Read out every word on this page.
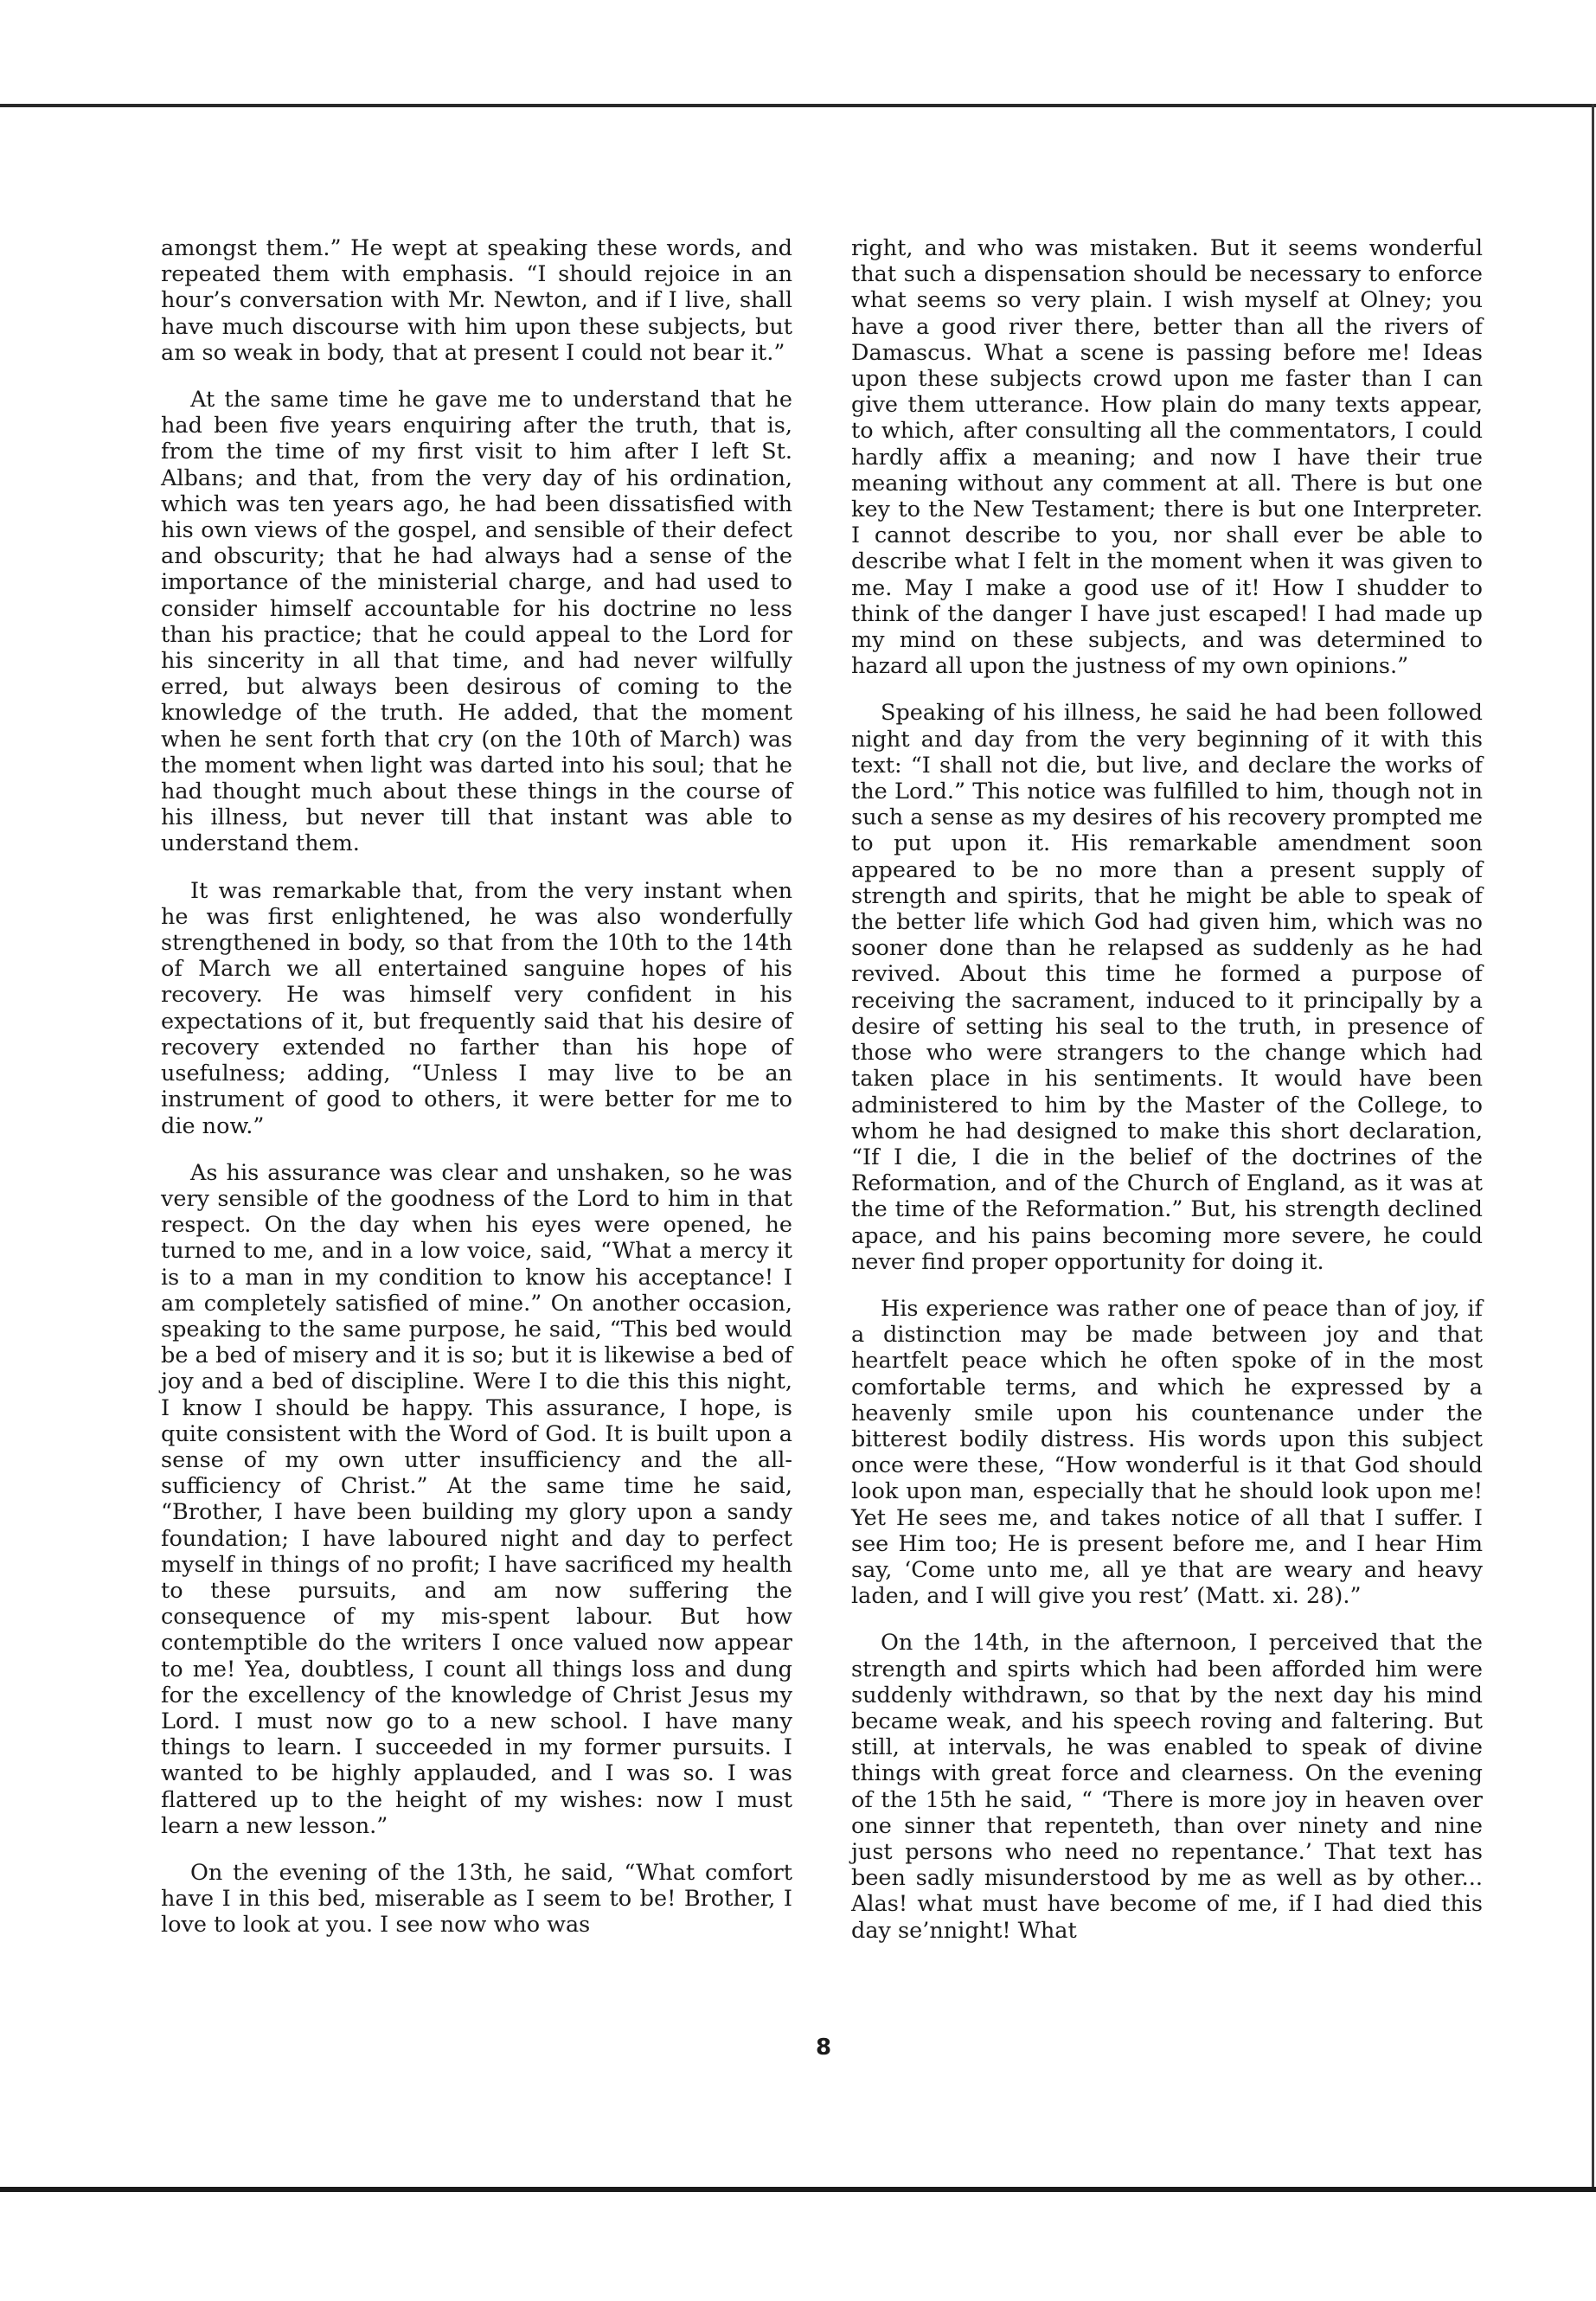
amongst them.” He wept at speaking these words, and repeated them with emphasis. “I should rejoice in an hour’s conversation with Mr. Newton, and if I live, shall have much discourse with him upon these subjects, but am so weak in body, that at present I could not bear it.”

At the same time he gave me to understand that he had been five years enquiring after the truth, that is, from the time of my first visit to him after I left St. Albans; and that, from the very day of his ordination, which was ten years ago, he had been dissatisfied with his own views of the gospel, and sensible of their defect and obscurity; that he had always had a sense of the importance of the ministerial charge, and had used to consider himself accountable for his doctrine no less than his practice; that he could appeal to the Lord for his sincerity in all that time, and had never wilfully erred, but always been desirous of coming to the knowledge of the truth. He added, that the moment when he sent forth that cry (on the 10th of March) was the moment when light was darted into his soul; that he had thought much about these things in the course of his illness, but never till that instant was able to understand them.

It was remarkable that, from the very instant when he was first enlightened, he was also wonderfully strengthened in body, so that from the 10th to the 14th of March we all entertained sanguine hopes of his recovery. He was himself very confident in his expectations of it, but frequently said that his desire of recovery extended no farther than his hope of usefulness; adding, “Unless I may live to be an instrument of good to others, it were better for me to die now.”

As his assurance was clear and unshaken, so he was very sensible of the goodness of the Lord to him in that respect. On the day when his eyes were opened, he turned to me, and in a low voice, said, “What a mercy it is to a man in my condition to know his acceptance! I am completely satisfied of mine.” On another occasion, speaking to the same purpose, he said, “This bed would be a bed of misery and it is so; but it is likewise a bed of joy and a bed of discipline. Were I to die this this night, I know I should be happy. This assurance, I hope, is quite consistent with the Word of God. It is built upon a sense of my own utter insufficiency and the all-sufficiency of Christ.” At the same time he said, “Brother, I have been building my glory upon a sandy foundation; I have laboured night and day to perfect myself in things of no profit; I have sacrificed my health to these pursuits, and am now suffering the consequence of my mis-spent labour. But how contemptible do the writers I once valued now appear to me! Yea, doubtless, I count all things loss and dung for the excellency of the knowledge of Christ Jesus my Lord. I must now go to a new school. I have many things to learn. I succeeded in my former pursuits. I wanted to be highly applauded, and I was so. I was flattered up to the height of my wishes: now I must learn a new lesson.”

On the evening of the 13th, he said, “What comfort have I in this bed, miserable as I seem to be! Brother, I love to look at you. I see now who was

right, and who was mistaken. But it seems wonderful that such a dispensation should be necessary to enforce what seems so very plain. I wish myself at Olney; you have a good river there, better than all the rivers of Damascus. What a scene is passing before me! Ideas upon these subjects crowd upon me faster than I can give them utterance. How plain do many texts appear, to which, after consulting all the commentators, I could hardly affix a meaning; and now I have their true meaning without any comment at all. There is but one key to the New Testament; there is but one Interpreter. I cannot describe to you, nor shall ever be able to describe what I felt in the moment when it was given to me. May I make a good use of it! How I shudder to think of the danger I have just escaped! I had made up my mind on these subjects, and was determined to hazard all upon the justness of my own opinions.”

Speaking of his illness, he said he had been followed night and day from the very beginning of it with this text: “I shall not die, but live, and declare the works of the Lord.” This notice was fulfilled to him, though not in such a sense as my desires of his recovery prompted me to put upon it. His remarkable amendment soon appeared to be no more than a present supply of strength and spirits, that he might be able to speak of the better life which God had given him, which was no sooner done than he relapsed as suddenly as he had revived. About this time he formed a purpose of receiving the sacrament, induced to it principally by a desire of setting his seal to the truth, in presence of those who were strangers to the change which had taken place in his sentiments. It would have been administered to him by the Master of the College, to whom he had designed to make this short declaration, “If I die, I die in the belief of the doctrines of the Reformation, and of the Church of England, as it was at the time of the Reformation.” But, his strength declined apace, and his pains becoming more severe, he could never find proper opportunity for doing it.

His experience was rather one of peace than of joy, if a distinction may be made between joy and that heartfelt peace which he often spoke of in the most comfortable terms, and which he expressed by a heavenly smile upon his countenance under the bitterest bodily distress. His words upon this subject once were these, “How wonderful is it that God should look upon man, especially that he should look upon me! Yet He sees me, and takes notice of all that I suffer. I see Him too; He is present before me, and I hear Him say, ‘Come unto me, all ye that are weary and heavy laden, and I will give you rest’ (Matt. xi. 28).”

On the 14th, in the afternoon, I perceived that the strength and spirts which had been afforded him were suddenly withdrawn, so that by the next day his mind became weak, and his speech roving and faltering. But still, at intervals, he was enabled to speak of divine things with great force and clearness. On the evening of the 15th he said, “ ‘There is more joy in heaven over one sinner that repenteth, than over ninety and nine just persons who need no repentance.’ That text has been sadly misunderstood by me as well as by other... Alas! what must have become of me, if I had died this day se’nnight! What

8
